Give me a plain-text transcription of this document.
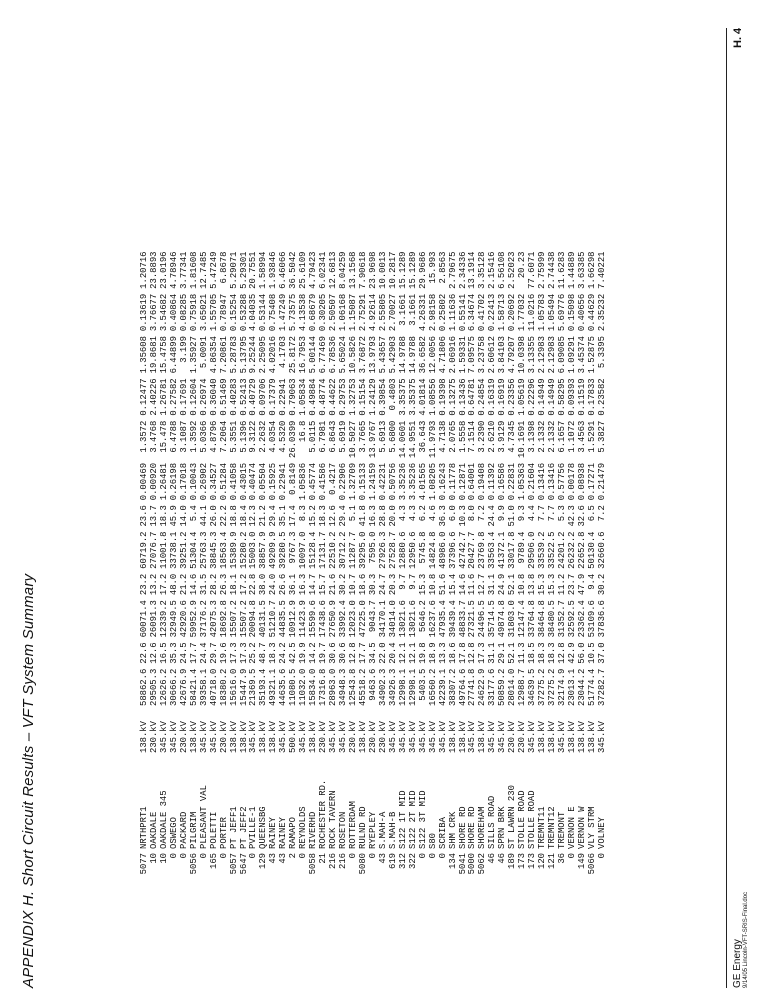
APPENDIX H. Short Circuit Results – VFT System Summary	5077	NRTHPRT1	138.kV	58862.6	22.6	60071.4	23.2	60719.2	23.6	0.00469	1.3572	0.12477	1.35608	0.13619	1.20716
10	OAKDALE	230.kV	29505.3	12.6	26091.3	13.2	27076.7	13.7	0.00920	3.4768	2.40226	19.8681	3.76677	23.8893
10	OAKDALE 345	345.kV	12626.2	16.5	12339.2	17.2	11001.8	18.3	1.26481	15.478	1.26781	15.4758	3.54682	23.0196
0	OSWEGO	345.kV	30666.2	35.3	32949.5	48.0	33738.1	45.9	0.26198	6.4788	0.27582	6.44899	0.40864	4.78946
0	PACKARD	230.kV	42676.9	24.5	42920.6	21.2	39251.2	14.0	0.17018	3.1087	0.17691	3.199	0.08285	3.77341
5056	PILGRIM	138.kV	58421.4	17.7	59952.9	14.6	51304.4	5.4	0.10043	1.3592	0.12604	1.35927	0.75918	1.81608
0	PLEASANT VAL	345.kV	39358.1	24.4	37176.2	31.5	25763.3	44.1	0.26902	5.0366	0.26974	5.0091	3.65021	12.7485
165	POLETTI	345.kV	40718.0	29.7	42075.3	28.2	38845.3	26.0	0.34527	4.8796	0.36040	4.86354	1.55705	5.47249
0	PORTER	230.kV	18380.2	19.6	18692.8	26.3	18563.4	22.2	0.51284	7.2064	0.51469	7.20861	0.78947	6.8678
5057	PT JEFF1	138.kV	15616.0	17.3	15507.2	18.1	15389.9	18.8	0.41058	5.3551	0.40283	5.28783	0.15254	5.29071
5647	PT JEFF2	138.kV	15447.9	17.3	15507.2	17.2	15280.2	18.4	0.43015	5.1396	0.52413	5.13795	0.53288	5.29301
0	PVILLE-1	345.kV	21369.5	25.2	20094.8	22.8	15003.0	12.3	0.40474	9.3122	0.40729	9.25244	4.04035	20.7551
129	QUEENSBG	138.kV	35193.4	48.7	40131.5	38.0	38857.9	21.2	0.05504	2.2632	0.09706	2.25095	0.53144	1.58994
43	RAINEY	138.kV	49321.1	18.3	51210.7	24.0	49209.9	29.4	0.15925	4.0354	0.17379	4.02016	0.75408	1.93846
43	RAINEY	345.kV	44635.6	24.2	44835.5	26.6	39280.5	35.1	0.22941	4.5320	0.22941	4.1703	1.47249	6.46066
2	RAMAPO	500.kV	11080.5	42.5	10912.9	36.1	9767.3	17.4	0.8149	26.0399	0.79063	25.8172	5.73575	36.5042
0	REYNOLDS	345.kV	11032.0	19.9	11423.9	16.3	10097.0	8.3	1.05836	16.8	1.05834	16.7953	4.13538	25.6109
5058	RIVERHD	138.kV	15834.0	14.2	15599.6	14.7	15128.4	15.2	0.45774	5.0115	0.49884	5.00144	0.68679	4.79423
21	ROCHESTER RD.	230.kV	17316.8	19.7	17438.6	15.7	17131.7	18.3	0.41586	6.7981	0.48774	6.77469	0.30205	6.02341
216	ROCK TAVERN	345.kV	28963.0	30.6	27650.9	21.6	22510.2	12.6	0.4217	6.8643	0.44622	6.78536	2.50507	12.6813
216	ROSETON	345.kV	34948.3	30.6	33992.4	30.2	30712.2	29.4	0.22906	5.6919	0.29753	5.65024	1.06168	8.04259
0	ROTTERDAM	230.kV	12543.8	12.8	12023.0	10.7	11287.7	5.1	1.32709	10.5027	1.32753	10.5826	1.15087	13.1568
5080	RULND RD	138.kV	45518.2	17.7	47225.0	18.6	39295.0	41.8	0.15133	3.7665	0.15154	3.76872	2.75291	7.90618
0	RYEPLEY	230.kV	9463.6	34.5	9043.7	30.3	7595.0	16.3	1.24159	13.9767	1.24129	13.9793	4.92614	23.9698
43	S.MAH-A	230.kV	34902.3	22.0	34170.1	24.7	27926.3	28.8	0.42231	5.6913	0.39854	5.43657	2.55805	10.0013
619	S.MAH-B	345.kV	34926.3	20.4	34014.0	20.3	27528.7	20.0	0.50756	5.6800	0.4803	5.42903	2.70027	10.2817
312	S122 1T MID	345.kV	12998.1	12.1	13021.6	9.7	12880.6	4.3	3.35236	14.0601	3.35375	14.9788	3.1661	15.1289
322	S122 2T MID	345.kV	12998.1	12.1	13021.6	9.7	12950.6	4.3	3.35236	14.9551	3.35375	14.9788	3.1661	15.1289
0	S122 3T MID	345.kV	5403.5	19.8	5646.2	15.3	5745.8	6.2	4.01565	36.643	4.01814	36.6582	4.26331	29.9686
0	S80	345.kV	16560.2	18.9	16237.6	10.8	14824.8	4.6	1.08205	11.9793	1.08556	12.0056	2.98158	15.993
0	SCRIBA	345.kV	42239.1	13.3	47935.4	51.6	48986.0	36.3	0.16243	4.7138	0.19398	4.71806	0.25802	2.8563
134	SHM CRK	138.kV	38307.2	18.6	39439.4	15.4	37396.6	6.0	0.11778	2.0765	0.13275	2.06916	1.11636	2.79675
5041	SHORE RD	138.kV	49764.6	17.8	48833.7	14.6	42742.7	10.3	0.12871	1.5558	0.13436	1.59331	0.55141	2.34336
5000	SHORE RD	345.kV	27741.8	12.8	27321.5	11.6	20427.7	8.0	0.64001	7.1514	0.64781	7.09575	6.34674	13.1914
5062	SHOREHAM	138.kV	24622.9	17.3	24496.5	12.7	23769.8	7.2	0.19408	3.2390	0.24854	3.23758	0.41702	3.35128
46	SILLS ROAD	345.kV	33177.6	31.1	35714.5	31.1	33563.4	24.4	0.11392	2.6210	0.16319	2.60612	0.22413	2.15416
46	SPRN BRK	345.kV	50859.2	29.1	49874.8	24.9	41372.1	9.9	0.16586	3.9129	0.16919	3.84103	1.58713	6.56108
189	ST LAWRN 230	230.kV	28014.0	52.1	31803.0	52.1	33017.8	51.0	0.22831	4.7345	0.23356	4.79207	0.20692	2.52023
173	STOLLE ROAD	230.kV	12988.7	11.3	12147.4	10.8	9789.4	9.3	1.05363	10.1691	1.05619	10.0398	1.77032	20.23
173	STOLLE ROAD	345.kV	34639.5	18.5	33764.8	13.8	29506.0	4.4	0.21604	3.1398	0.22296	3.13355	11.0216	77.6071
120	TREMNT11	138.kV	37275.2	18.3	38464.8	15.3	33539.2	7.7	0.13416	2.1332	0.14949	2.12983	1.05783	2.75999
121	TREMNT12	138.kV	37275.2	18.3	38480.5	15.3	33522.5	7.7	0.13416	2.1332	0.14949	2.12983	1.05494	2.74438
36	TREMONT	345.kV	32174.9	12.8	31352.7	11.2	24201.2	5.3	0.57756	6.1657	0.58295	6.09085	5.69776	11.6283
0	VERNON E	138.kV	23013.1	42.9	32592.5	23.7	26232.2	42.3	0.00178	1.1072	0.09393	1.09291	0.15098	1.44889
149	VERNON W	138.kV	23044.2	56.0	23362.4	47.9	22652.8	32.6	0.08938	3.4563	0.11519	3.45374	0.40656	3.63385
5066	VLY STRM	138.kV	51774.4	10.5	53109.6	9.4	50130.4	6.5	0.17271	1.5291	0.17833	1.52875	0.44629	1.66298
0	VOLNEY	345.kV	37282.7	37.0	37836.6	30.2	32660.6	7.2	0.21479	5.3827	0.23582	5.3395	2.35232	7.40221
GE Energy 9/14/05 Lincoln-VFT-SRIS-Final.doc
H. 4
